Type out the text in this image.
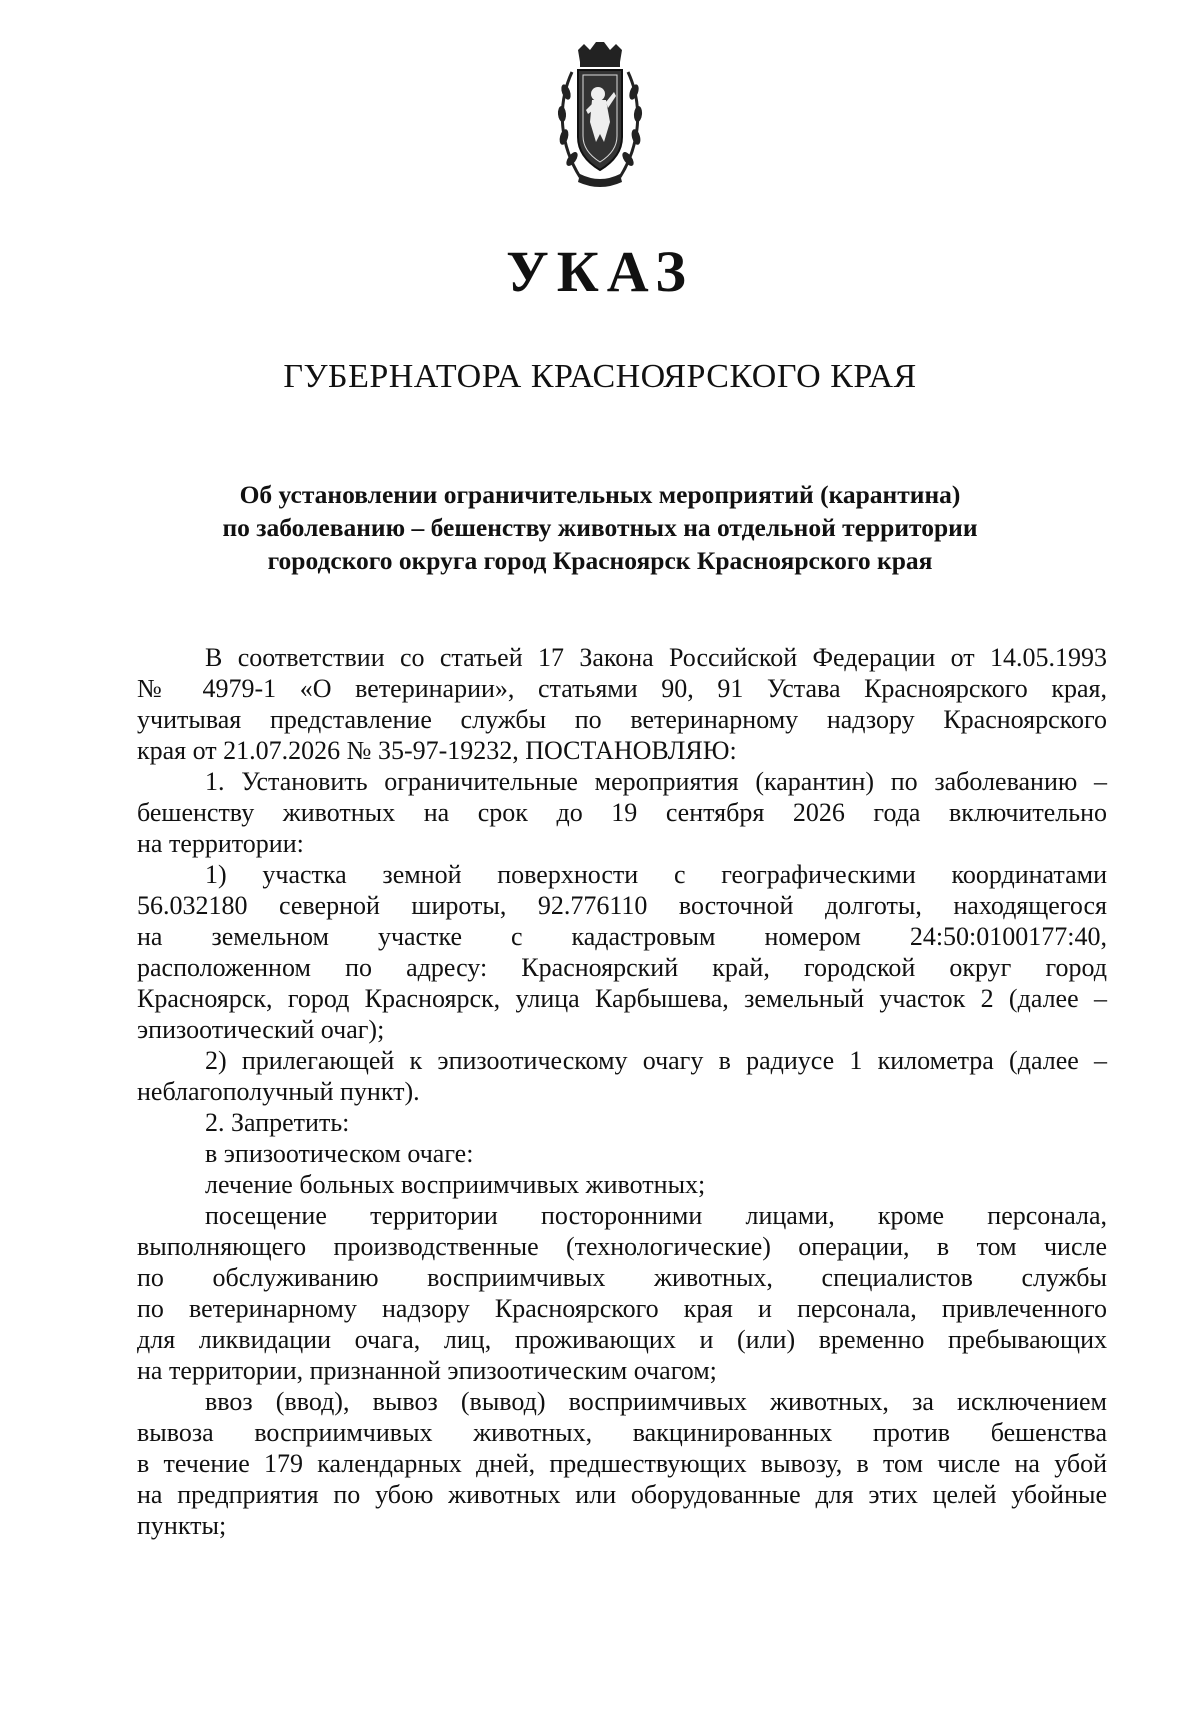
УКАЗ
ГУБЕРНАТОРА КРАСНОЯРСКОГО КРАЯ
Об установлении ограничительных мероприятий (карантина)
по заболеванию – бешенству животных на отдельной территории
городского округа город Красноярск Красноярского края
В соответствии со статьей 17 Закона Российской Федерации от 14.05.1993
№ 4979-1 «О ветеринарии», статьями 90, 91 Устава Красноярского края,
учитывая представление службы по ветеринарному надзору Красноярского
края от 21.07.2026 № 35-97-19232, ПОСТАНОВЛЯЮ:
1. Установить ограничительные мероприятия (карантин) по заболеванию –
бешенству животных на срок до 19 сентября 2026 года включительно
на территории:
1) участка земной поверхности с географическими координатами
56.032180 северной широты, 92.776110 восточной долготы, находящегося
на земельном участке с кадастровым номером 24:50:0100177:40,
расположенном по адресу: Красноярский край, городской округ город
Красноярск, город Красноярск, улица Карбышева, земельный участок 2 (далее –
эпизоотический очаг);
2) прилегающей к эпизоотическому очагу в радиусе 1 километра (далее –
неблагополучный пункт).
2. Запретить:
в эпизоотическом очаге:
лечение больных восприимчивых животных;
посещение территории посторонними лицами, кроме персонала,
выполняющего производственные (технологические) операции, в том числе
по обслуживанию восприимчивых животных, специалистов службы
по ветеринарному надзору Красноярского края и персонала, привлеченного
для ликвидации очага, лиц, проживающих и (или) временно пребывающих
на территории, признанной эпизоотическим очагом;
ввоз (ввод), вывоз (вывод) восприимчивых животных, за исключением
вывоза восприимчивых животных, вакцинированных против бешенства
в течение 179 календарных дней, предшествующих вывозу, в том числе на убой
на предприятия по убою животных или оборудованные для этих целей убойные
пункты;
